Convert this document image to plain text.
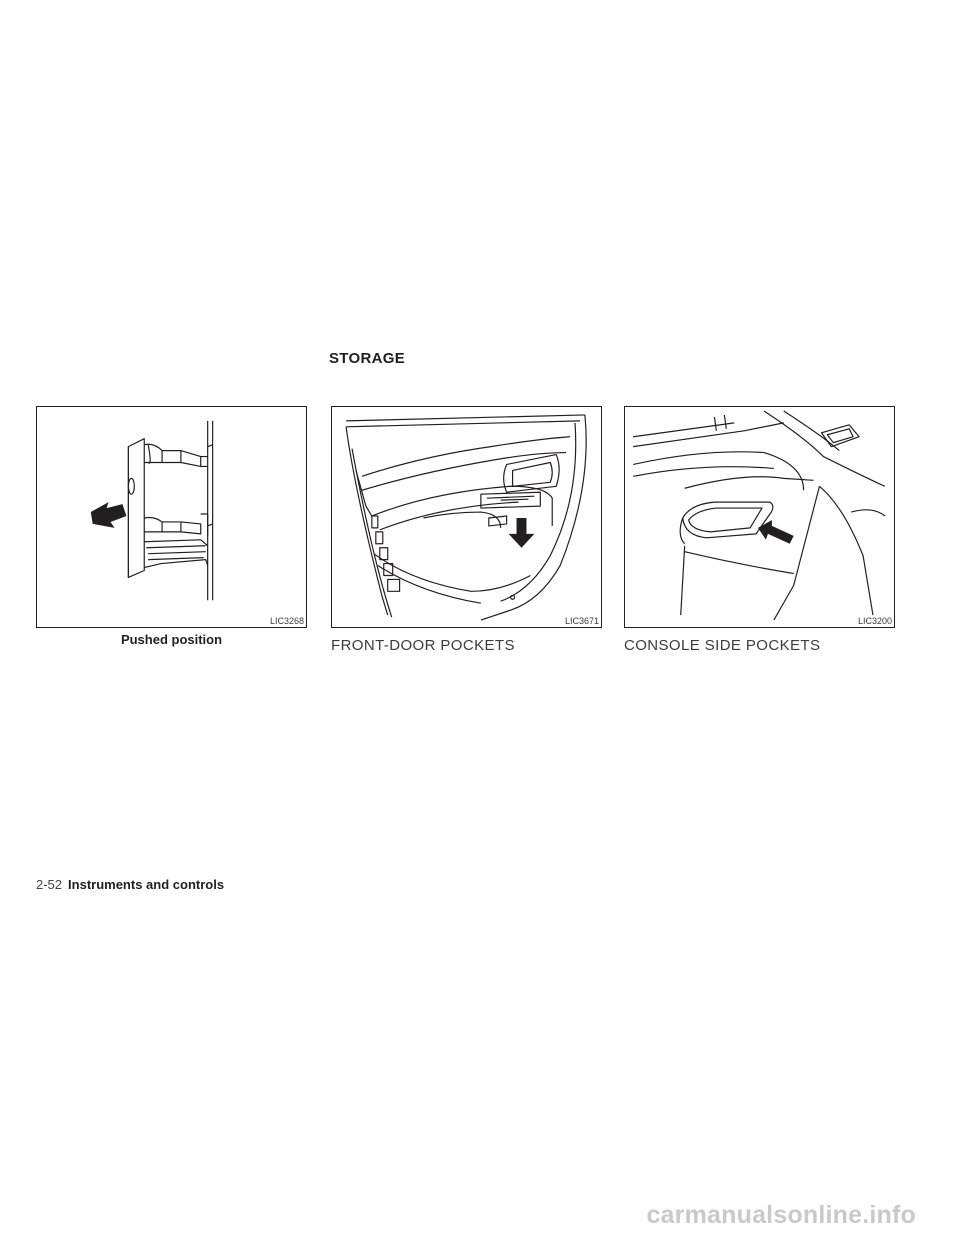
STORAGE
LIC3268
Pushed position
LIC3671
FRONT-DOOR POCKETS
LIC3200
CONSOLE SIDE POCKETS
2-52 Instruments and controls
carmanualsonline.info
